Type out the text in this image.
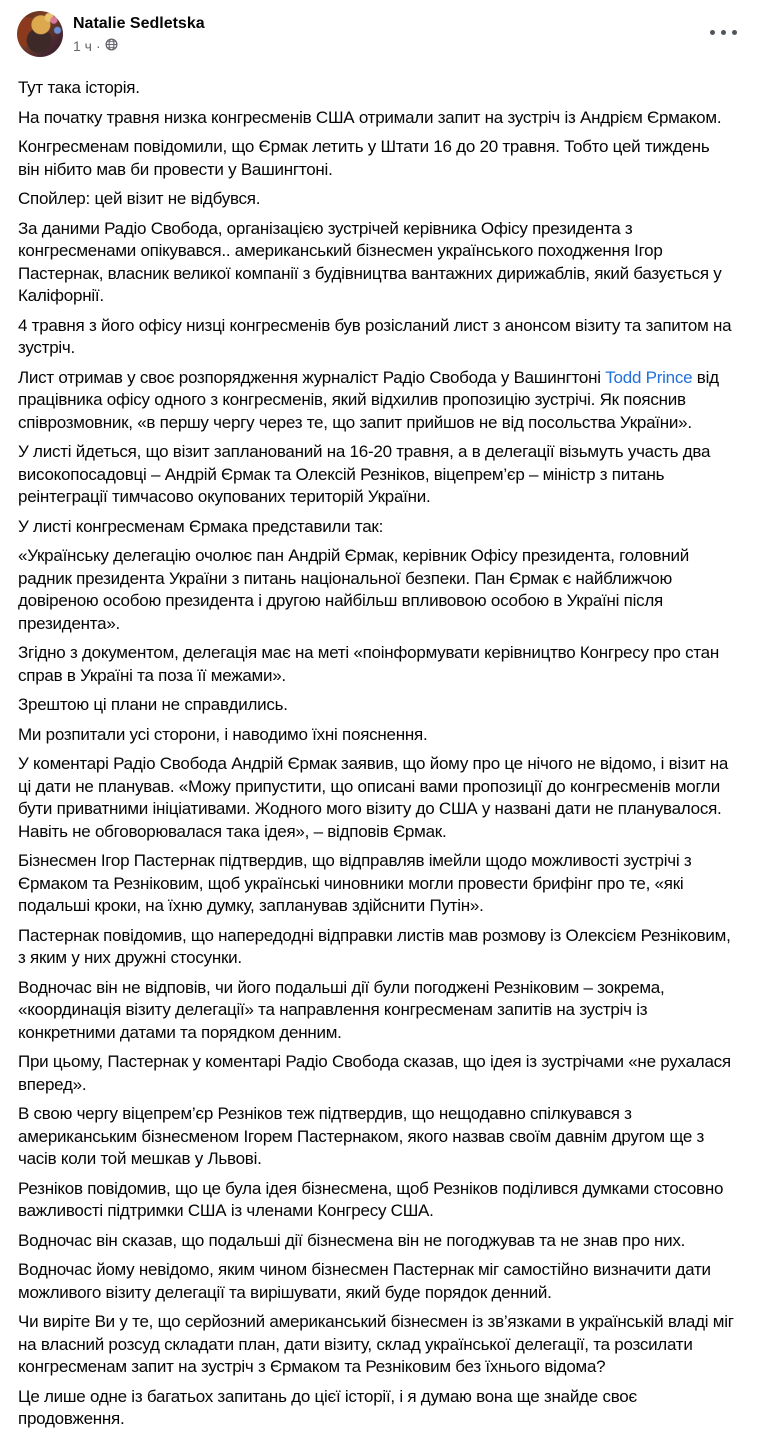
Natalie Sedletska
1 ч ·

Тут така історія.

На початку травня низка конгресменів США отримали запит на зустріч із Андрієм Єрмаком.

Конгресменам повідомили, що Єрмак летить у Штати 16 до 20 травня. Тобто цей тиждень він нібито мав би провести у Вашингтоні.

Спойлер: цей візит не відбувся.

За даними Радіо Свобода, організацією зустрічей керівника Офісу президента з конгресменами опікувався.. американський бізнесмен українського походження Ігор Пастернак, власник великої компанії з будівництва вантажних дирижаблів, який базується у Каліфорнії.

4 травня з його офісу низці конгресменів був розісланий лист з анонсом візиту та запитом на зустріч.

Лист отримав у своє розпорядження журналіст Радіо Свобода у Вашингтоні Todd Prince від працівника офісу одного з конгресменів, який відхилив пропозицію зустрічі. Як пояснив співрозмовник, «в першу чергу через те, що запит прийшов не від посольства України».

У листі йдеться, що візит запланований на 16-20 травня, а в делегації візьмуть участь два високопосадовці – Андрій Єрмак та Олексій Резніков, віцепрем’єр – міністр з питань реінтеграції тимчасово окупованих територій України.

У листі конгресменам Єрмака представили так:

«Українську делегацію очолює пан Андрій Єрмак, керівник Офісу президента, головний радник президента України з питань національної безпеки. Пан Єрмак є найближчою довіреною особою президента і другою найбільш впливовою особою в Україні після президента».

Згідно з документом, делегація має на меті «поінформувати керівництво Конгресу про стан справ в Україні та поза її межами».

Зрештою ці плани не справдились.

Ми розпитали усі сторони, і наводимо їхні пояснення.

У коментарі Радіо Свобода Андрій Єрмак заявив, що йому про це нічого не відомо, і візит на ці дати не планував. «Можу припустити, що описані вами пропозиції до конгресменів могли бути приватними ініціативами. Жодного мого візиту до США у названі дати не планувалося. Навіть не обговорювалася така ідея», – відповів Єрмак.

Бізнесмен Ігор Пастернак підтвердив, що відправляв імейли щодо можливості зустрічі з Єрмаком та Резніковим, щоб українські чиновники могли провести брифінг про те, «які подальші кроки, на їхню думку, запланував здійснити Путін».

Пастернак повідомив, що напередодні відправки листів мав розмову із Олексієм Резніковим, з яким у них дружні стосунки.

Водночас він не відповів, чи його подальші дії були погоджені Резніковим – зокрема, «координація візиту делегації» та направлення конгресменам запитів на зустріч із конкретними датами та порядком денним.

При цьому, Пастернак у коментарі Радіо Свобода сказав, що ідея із зустрічами «не рухалася вперед».

В свою чергу віцепрем’єр Резніков теж підтвердив, що нещодавно спілкувався з американським бізнесменом Ігорем Пастернаком, якого назвав своїм давнім другом ще з часів коли той мешкав у Львові.

Резніков повідомив, що це була ідея бізнесмена, щоб Резніков поділився думками стосовно важливості підтримки США із членами Конгресу США.

Водночас він сказав, що подальші дії бізнесмена він не погоджував та не знав про них.

Водночас йому невідомо, яким чином бізнесмен Пастернак міг самостійно визначити дати можливого візиту делегації та вирішувати, який буде порядок денний.

Чи виріте Ви у те, що серйозний американський бізнесмен із зв’язками в українській владі міг на власний розсуд складати план, дати візиту, склад української делегації, та розсилати конгресменам запит на зустріч з Єрмаком та Резніковим без їхнього відома?

Це лише одне із багатьох запитань до цієї історії, і я думаю вона ще знайде своє продовження.
